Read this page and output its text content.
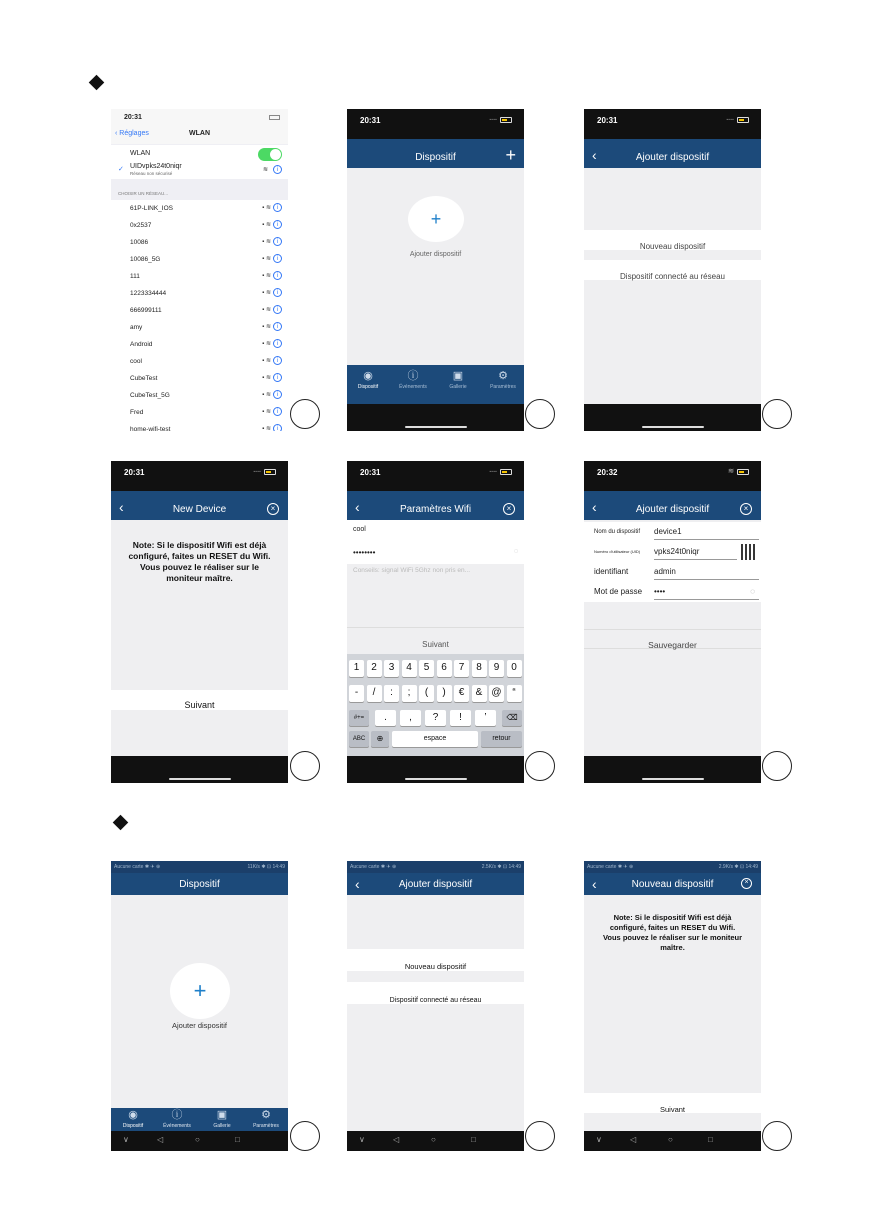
20:31
‹ Réglages	WLAN
WLAN
✓ UIDvpks24t0niqr
Réseau non sécurisé
≋	i
CHOISIR UN RÉSEAU...
61P-LINK_IOS	▪ ≋ i
0x2537	▪ ≋ i
10086	▪ ≋ i
10086_5G	▪ ≋ i
111	▪ ≋ i
1223334444	▪ ≋ i
666999111	▪ ≋ i
amy	▪ ≋ i
Android	▪ ≋ i
cool	▪ ≋ i
CubeTest	▪ ≋ i
CubeTest_5G	▪ ≋ i
Fred	▪ ≋ i
home-wifi-test	▪ ≋ i
20:31	....
Dispositif	+
+
Ajouter dispositif
◉
Dispositif
ⓘ
Événements
▣
Gallerie
⚙
Paramètres
20:31	....
‹	Ajouter dispositif
$_{Nouveau dispositif}$
$_{Dispositif connecté au réseau}$
20:31	....
‹	New Device	×
Note: Si le dispositif Wifi est déjà configuré, faites un RESET du Wifi. Vous pouvez le réaliser sur le moniteur maître.
$_{Suivant}$
20:31	....
‹	Paramètres Wifi	×
cool
••••••••	◌
Conseils: signal WiFi 5Ghz non pris en...
$_{Suivant}$
1	2	3	4	5	6	7	8	9	0
-	/	:	;	(	)	€	& @	“
#+=	.	,	?	!	’	⌫
ABC	⊕	espace	retour
20:32	≋
‹	Ajouter dispositif	×
Nom du dispositif device1
Numéro d'utilisateur (UID) vpks24t0niqr
identifiant	admin
Mot de passe ••••	◌
$_{Sauvegarder}$
Aucune carte ✱ ✈ ⊕	11K/s ✱ ⊡ 14:49
Dispositif
+
Ajouter dispositif
◉
Dispositif
ⓘ
Événements
▣
Gallerie
⚙
Paramètres
∨	◁	○	□
Aucune carte ✱ ✈ ⊕	2.5K/s ✱ ⊡ 14:49
‹	Ajouter dispositif
$_{Nouveau dispositif}$
$_{Dispositif connecté au réseau}$
∨	◁	○	□
Aucune carte ✱ ✈ ⊕	2.9K/s ✱ ⊡ 14:49
‹	Nouveau dispositif	×
Note: Si le dispositif Wifi est déjà configuré, faites un RESET du Wifi. Vous pouvez le réaliser sur le moniteur maître.
$_{Suivant}$
∨	◁	○	□
